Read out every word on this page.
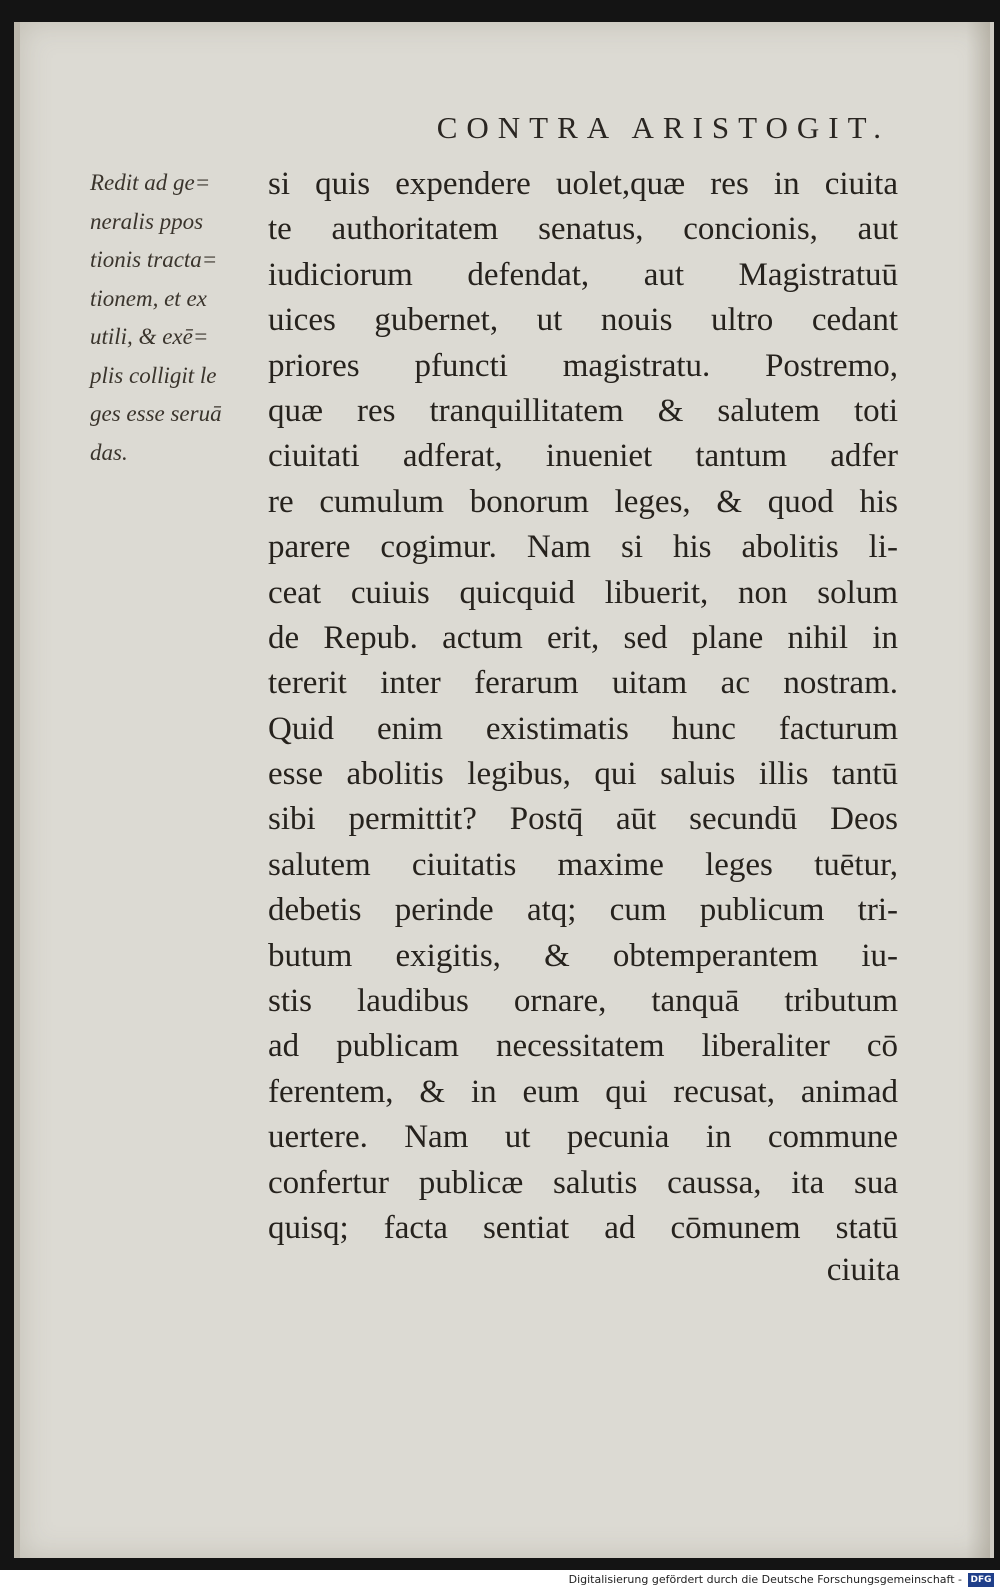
CONTRA ARISTOGIT.
Redit ad ge=
neralis ppos
tionis tracta=
tionem, et ex
utili, & exē=
plis colligit le
ges esse seruā
das.
si quis expendere uolet,quæ res in ciuita
te authoritatem senatus, concionis, aut
iudiciorum defendat, aut Magistratuū
uices gubernet, ut nouis ultro cedant
priores pfuncti magistratu. Postremo,
quæ res tranquillitatem & salutem toti
ciuitati adferat, inueniet tantum adfer
re cumulum bonorum leges, & quod his
parere cogimur. Nam si his abolitis li-
ceat cuiuis quicquid libuerit, non solum
de Repub. actum erit, sed plane nihil in
tererit inter ferarum uitam ac nostram.
Quid enim existimatis hunc facturum
esse abolitis legibus, qui saluis illis tantū
sibi permittit? Postq̄ aūt secundū Deos
salutem ciuitatis maxime leges tuētur,
debetis perinde atq; cum publicum tri-
butum exigitis, & obtemperantem iu-
stis laudibus ornare, tanquā tributum
ad publicam necessitatem liberaliter cō
ferentem, & in eum qui recusat, animad
uertere. Nam ut pecunia in commune
confertur publicæ salutis caussa, ita sua
quisq; facta sentiat ad cōmunem statū
ciuita
Digitalisierung gefördert durch die Deutsche Forschungsgemeinschaft - DFG
